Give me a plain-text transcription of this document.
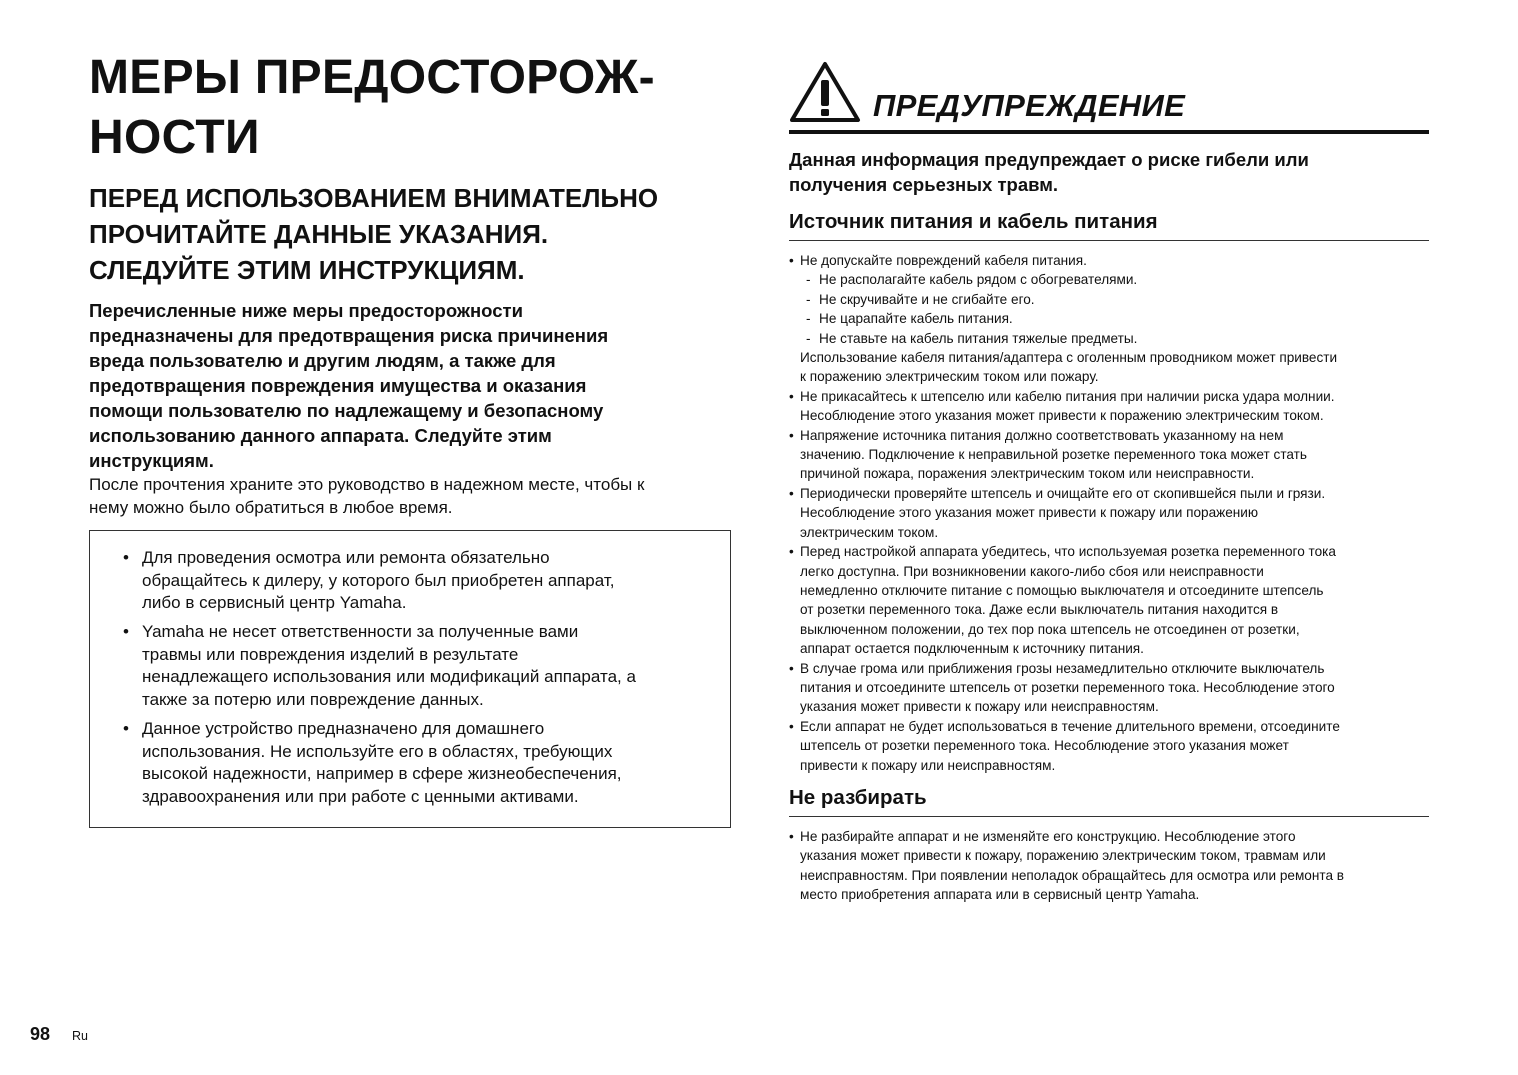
МЕРЫ ПРЕДОСТОРОЖ-
НОСТИ
ПЕРЕД ИСПОЛЬЗОВАНИЕМ ВНИМАТЕЛЬНО
ПРОЧИТАЙТЕ ДАННЫЕ УКАЗАНИЯ.
СЛЕДУЙТЕ ЭТИМ ИНСТРУКЦИЯМ.
Перечисленные ниже меры предосторожности
предназначены для предотвращения риска причинения
вреда пользователю и другим людям, а также для
предотвращения повреждения имущества и оказания
помощи пользователю по надлежащему и безопасному
использованию данного аппарата. Следуйте этим
инструкциям.
После прочтения храните это руководство в надежном месте, чтобы к
нему можно было обратиться в любое время.
• Для проведения осмотра или ремонта обязательно
обращайтесь к дилеру, у которого был приобретен аппарат,
либо в сервисный центр Yamaha.
• Yamaha не несет ответственности за полученные вами
травмы или повреждения изделий в результате
ненадлежащего использования или модификаций аппарата, а
также за потерю или повреждение данных.
• Данное устройство предназначено для домашнего
использования. Не используйте его в областях, требующих
высокой надежности, например в сфере жизнеобеспечения,
здравоохранения или при работе с ценными активами.
ПРЕДУПРЕЖДЕНИЕ
Данная информация предупреждает о риске гибели или
получения серьезных травм.
Источник питания и кабель питания
• Не допускайте повреждений кабеля питания.
- Не располагайте кабель рядом с обогревателями.
- Не скручивайте и не сгибайте его.
- Не царапайте кабель питания.
- Не ставьте на кабель питания тяжелые предметы.
Использование кабеля питания/адаптера с оголенным проводником может привести
к поражению электрическим током или пожару.
• Не прикасайтесь к штепселю или кабелю питания при наличии риска удара молнии.
Несоблюдение этого указания может привести к поражению электрическим током.
• Напряжение источника питания должно соответствовать указанному на нем
значению. Подключение к неправильной розетке переменного тока может стать
причиной пожара, поражения электрическим током или неисправности.
• Периодически проверяйте штепсель и очищайте его от скопившейся пыли и грязи.
Несоблюдение этого указания может привести к пожару или поражению
электрическим током.
• Перед настройкой аппарата убедитесь, что используемая розетка переменного тока
легко доступна. При возникновении какого-либо сбоя или неисправности
немедленно отключите питание с помощью выключателя и отсоедините штепсель
от розетки переменного тока. Даже если выключатель питания находится в
выключенном положении, до тех пор пока штепсель не отсоединен от розетки,
аппарат остается подключенным к источнику питания.
• В случае грома или приближения грозы незамедлительно отключите выключатель
питания и отсоедините штепсель от розетки переменного тока. Несоблюдение этого
указания может привести к пожару или неисправностям.
• Если аппарат не будет использоваться в течение длительного времени, отсоедините
штепсель от розетки переменного тока. Несоблюдение этого указания может
привести к пожару или неисправностям.
Не разбирать
• Не разбирайте аппарат и не изменяйте его конструкцию. Несоблюдение этого
указания может привести к пожару, поражению электрическим током, травмам или
неисправностям. При появлении неполадок обращайтесь для осмотра или ремонта в
место приобретения аппарата или в сервисный центр Yamaha.
98 Ru
